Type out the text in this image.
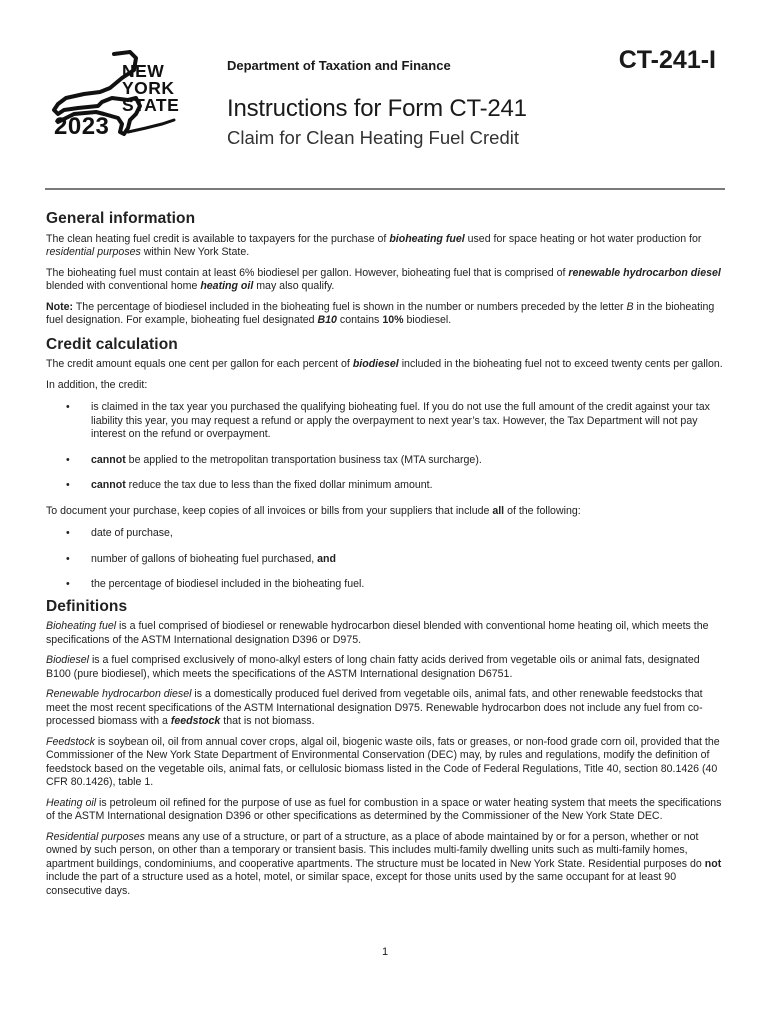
NEW
YORK
STATE
2023
Department of Taxation and Finance	CT-241-I
Instructions for Form CT-241
Claim for Clean Heating Fuel Credit
General information

The clean heating fuel credit is available to taxpayers for the purchase of bioheating fuel used for space heating or hot water production for residential purposes within New York State.

The bioheating fuel must contain at least 6% biodiesel per gallon. However, bioheating fuel that is comprised of renewable hydrocarbon diesel blended with conventional home heating oil may also qualify.

Note: The percentage of biodiesel included in the bioheating fuel is shown in the number or numbers preceded by the letter B in the bioheating fuel designation. For example, bioheating fuel designated B10 contains 10% biodiesel.

Credit calculation

The credit amount equals one cent per gallon for each percent of biodiesel included in the bioheating fuel not to exceed twenty cents per gallon.

In addition, the credit:

• is claimed in the tax year you purchased the qualifying bioheating fuel. If you do not use the full amount of the credit against your tax liability this year, you may request a refund or apply the overpayment to next year’s tax. However, the Tax Department will not pay interest on the refund or overpayment.
• cannot be applied to the metropolitan transportation business tax (MTA surcharge).
• cannot reduce the tax due to less than the fixed dollar minimum amount.

To document your purchase, keep copies of all invoices or bills from your suppliers that include all of the following:

• date of purchase,
• number of gallons of bioheating fuel purchased, and
• the percentage of biodiesel included in the bioheating fuel.
Definitions

Bioheating fuel is a fuel comprised of biodiesel or renewable hydrocarbon diesel blended with conventional home heating oil, which meets the specifications of the ASTM International designation D396 or D975.

Biodiesel is a fuel comprised exclusively of mono-alkyl esters of long chain fatty acids derived from vegetable oils or animal fats, designated B100 (pure biodiesel), which meets the specifications of the ASTM International designation D6751.

Renewable hydrocarbon diesel is a domestically produced fuel derived from vegetable oils, animal fats, and other renewable feedstocks that meet the most recent specifications of the ASTM International designation D975. Renewable hydrocarbon does not include any fuel from co-processed biomass with a feedstock that is not biomass.

Feedstock is soybean oil, oil from annual cover crops, algal oil, biogenic waste oils, fats or greases, or non-food grade corn oil, provided that the Commissioner of the New York State Department of Environmental Conservation (DEC) may, by rules and regulations, modify the definition of feedstock based on the vegetable oils, animal fats, or cellulosic biomass listed in the Code of Federal Regulations, Title 40, section 80.1426 (40 CFR 80.1426), table 1.

Heating oil is petroleum oil refined for the purpose of use as fuel for combustion in a space or water heating system that meets the specifications of the ASTM International designation D396 or other specifications as determined by the Commissioner of the New York State DEC.

Residential purposes means any use of a structure, or part of a structure, as a place of abode maintained by or for a person, whether or not owned by such person, on other than a temporary or transient basis. This includes multi-family dwelling units such as multi-family homes, apartment buildings, condominiums, and cooperative apartments. The structure must be located in New York State. Residential purposes do not include the part of a structure used as a hotel, motel, or similar space, except for those units used by the same occupant for at least 90 consecutive days.

1
